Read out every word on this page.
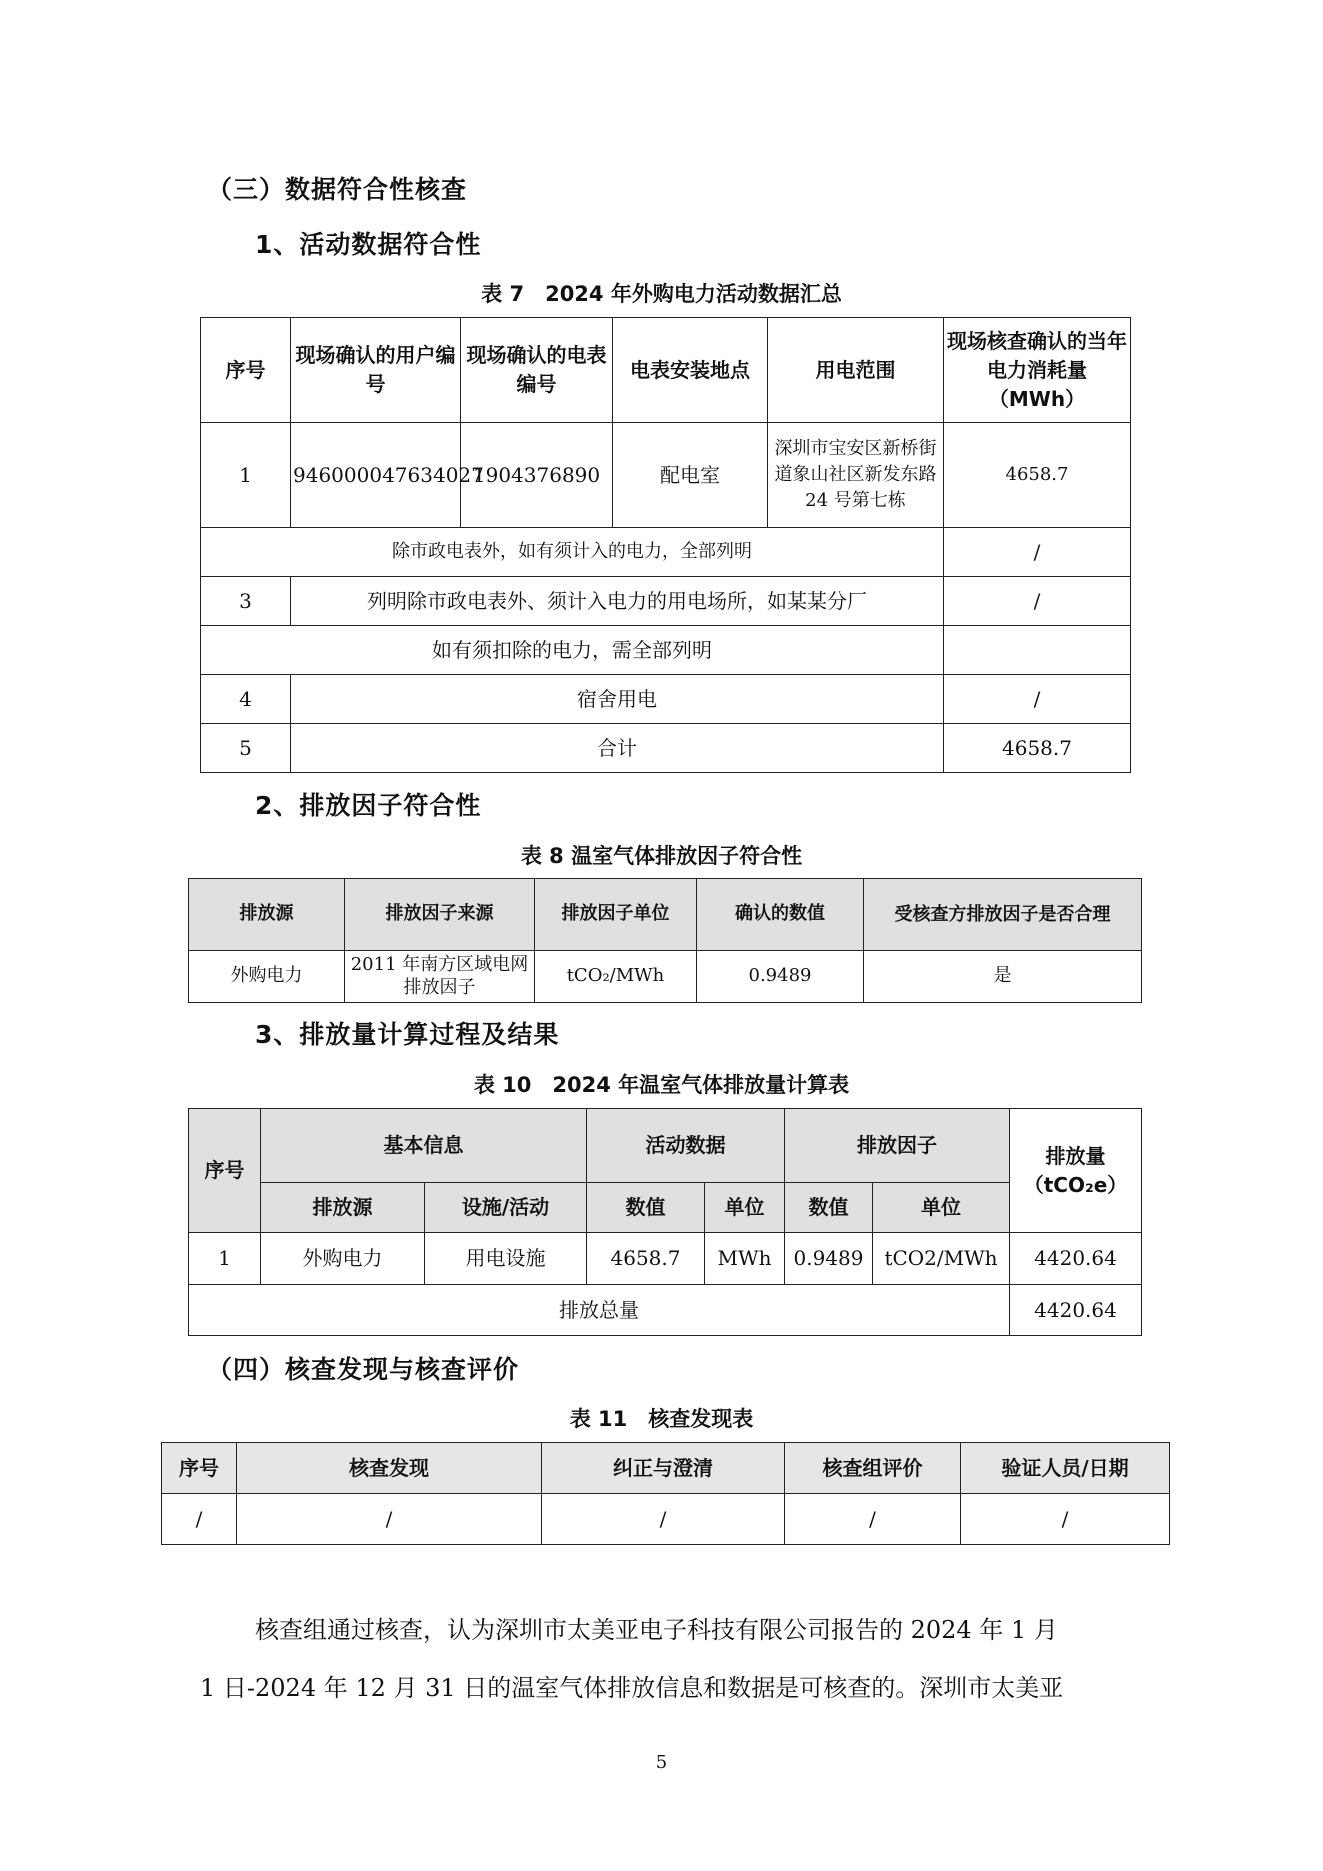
（三）数据符合性核查
1、活动数据符合性
表 7　2024 年外购电力活动数据汇总
序号	现场确认的用户编号	现场确认的电表编号	电表安装地点	用电范围	现场核查确认的当年电力消耗量（MWh）
1	946000047634027	1904376890	配电室	深圳市宝安区新桥街道象山社区新发东路 24 号第七栋	4658.7
除市政电表外，如有须计入的电力，全部列明					/
3	列明除市政电表外、须计入电力的用电场所，如某某分厂				/
如有须扣除的电力，需全部列明					
4	宿舍用电				/
5	合计				4658.7
2、排放因子符合性
表 8 温室气体排放因子符合性
排放源	排放因子来源	排放因子单位	确认的数值	受核查方排放因子是否合理
外购电力	2011 年南方区域电网排放因子	tCO₂/MWh	0.9489	是
3、排放量计算过程及结果
表 10　2024 年温室气体排放量计算表
序号	基本信息		活动数据		排放因子		排放量（tCO₂e）
	排放源	设施/活动	数值	单位	数值	单位	
1	外购电力	用电设施	4658.7	MWh	0.9489	tCO2/MWh	4420.64
排放总量							4420.64
（四）核查发现与核查评价
表 11　核查发现表
序号	核查发现	纠正与澄清	核查组评价	验证人员/日期
/	/	/	/	/
核查组通过核查，认为深圳市太美亚电子科技有限公司报告的 2024 年 1 月
1 日-2024 年 12 月 31 日的温室气体排放信息和数据是可核查的。深圳市太美亚
5
